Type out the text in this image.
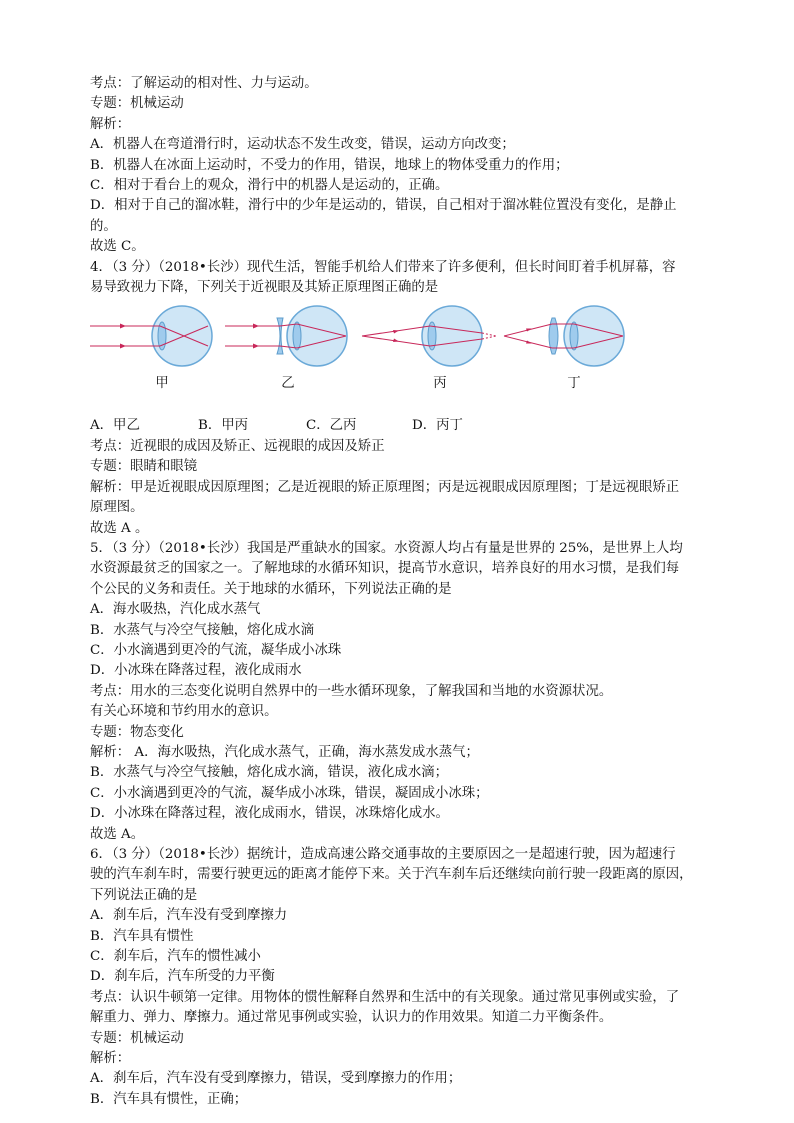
考点：了解运动的相对性、力与运动。
专题：机械运动
解析：
A．机器人在弯道滑行时，运动状态不发生改变，错误，运动方向改变；
B．机器人在冰面上运动时，不受力的作用，错误，地球上的物体受重力的作用；
C．相对于看台上的观众，滑行中的机器人是运动的，正确。
D．相对于自己的溜冰鞋，滑行中的少年是运动的，错误，自己相对于溜冰鞋位置没有变化，是静止
的。
故选 C。
4．（3 分）（2018•长沙）现代生活，智能手机给人们带来了许多便利，但长时间盯着手机屏幕，容
易导致视力下降，下列关于近视眼及其矫正原理图正确的是
甲	乙	丙	丁
A．甲乙	B．甲丙	C．乙丙	D．丙丁
考点：近视眼的成因及矫正、远视眼的成因及矫正
专题：眼睛和眼镜
解析：甲是近视眼成因原理图；乙是近视眼的矫正原理图；丙是远视眼成因原理图；丁是远视眼矫正
原理图。
故选 A 。
5．（3 分）（2018•长沙）我国是严重缺水的国家。水资源人均占有量是世界的 25%，是世界上人均
水资源最贫乏的国家之一。了解地球的水循环知识，提高节水意识，培养良好的用水习惯，是我们每
个公民的义务和责任。关于地球的水循环，下列说法正确的是
A．海水吸热，汽化成水蒸气
B．水蒸气与冷空气接触，熔化成水滴
C．小水滴遇到更冷的气流，凝华成小冰珠
D．小冰珠在降落过程，液化成雨水
考点：用水的三态变化说明自然界中的一些水循环现象，了解我国和当地的水资源状况。
有关心环境和节约用水的意识。
专题：物态变化
解析： A．海水吸热，汽化成水蒸气，正确，海水蒸发成水蒸气；
B．水蒸气与冷空气接触，熔化成水滴，错误，液化成水滴；
C．小水滴遇到更冷的气流，凝华成小冰珠，错误，凝固成小冰珠；
D．小冰珠在降落过程，液化成雨水，错误，冰珠熔化成水。
故选 A。
6．（3 分）（2018•长沙）据统计，造成高速公路交通事故的主要原因之一是超速行驶，因为超速行
驶的汽车刹车时，需要行驶更远的距离才能停下来。关于汽车刹车后还继续向前行驶一段距离的原因，
下列说法正确的是
A．刹车后，汽车没有受到摩擦力
B．汽车具有惯性
C．刹车后，汽车的惯性减小
D．刹车后，汽车所受的力平衡
考点：认识牛顿第一定律。用物体的惯性解释自然界和生活中的有关现象。通过常见事例或实验，了
解重力、弹力、摩擦力。通过常见事例或实验，认识力的作用效果。知道二力平衡条件。
专题：机械运动
解析：
A．刹车后，汽车没有受到摩擦力，错误，受到摩擦力的作用；
B．汽车具有惯性，正确；
